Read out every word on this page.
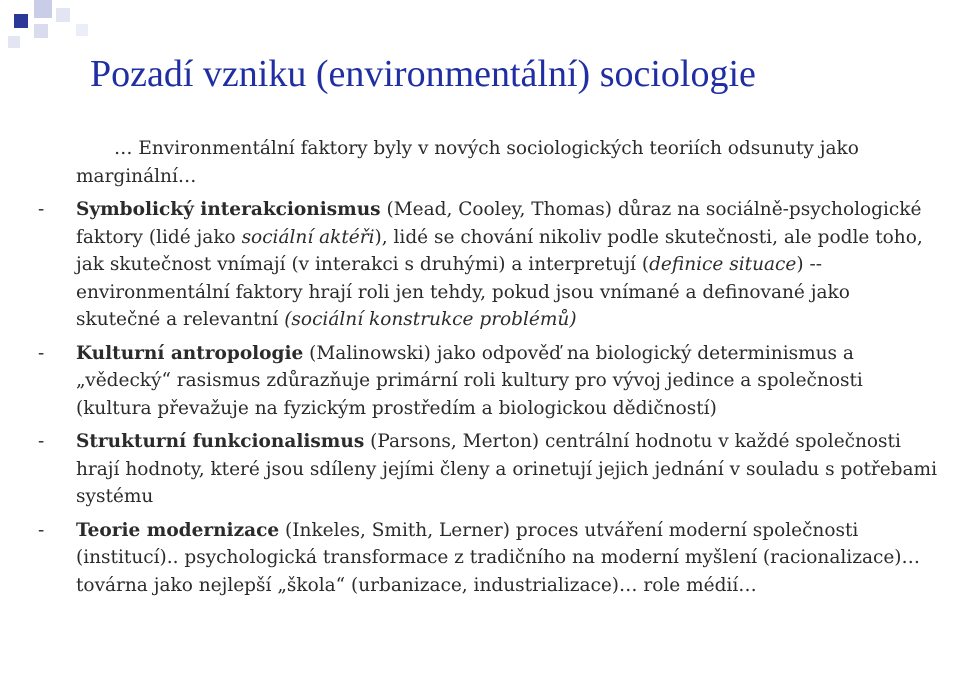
Pozadí vzniku (environmentální) sociologie
… Environmentální faktory byly v nových sociologických teoriích odsunuty jako marginální…
- Symbolický interakcionismus (Mead, Cooley, Thomas) důraz na sociálně-psychologické faktory (lidé jako sociální aktéři), lidé se chování nikoliv podle skutečnosti, ale podle toho, jak skutečnost vnímají (v interakci s druhými) a interpretují (definice situace) -- environmentální faktory hrají roli jen tehdy, pokud jsou vnímané a definované jako skutečné a relevantní (sociální konstrukce problémů)
- Kulturní antropologie (Malinowski) jako odpověď na biologický determinismus a „vědecký“ rasismus zdůrazňuje primární roli kultury pro vývoj jedince a společnosti (kultura převažuje na fyzickým prostředím a biologickou dědičností)
- Strukturní funkcionalismus (Parsons, Merton) centrální hodnotu v každé společnosti hrají hodnoty, které jsou sdíleny jejími členy a orinetují jejich jednání v souladu s potřebami systému
- Teorie modernizace (Inkeles, Smith, Lerner) proces utváření moderní společnosti (institucí).. psychologická transformace z tradičního na moderní myšlení (racionalizace)… továrna jako nejlepší „škola“ (urbanizace, industrializace)… role médií…
